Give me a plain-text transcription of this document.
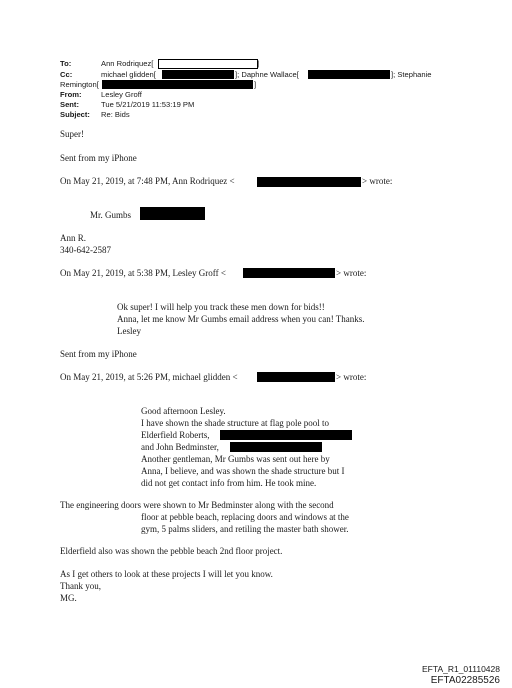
To:	Ann Rodriquez[	]
Cc:	michael glidden[	]; Daphne Wallace[	]; Stephanie
Remington[	]
From:	Lesley Groff
Sent:	Tue 5/21/2019 11:53:19 PM
Subject: Re: Bids
Super!
Sent from my iPhone
On May 21, 2019, at 7:48 PM, Ann Rodriquez <	> wrote:
Mr. Gumbs
Ann R.
340-642-2587
On May 21, 2019, at 5:38 PM, Lesley Groff <	> wrote:
Ok super! I will help you track these men down for bids!!
Anna, let me know Mr Gumbs email address when you can! Thanks.
Lesley
Sent from my iPhone
On May 21, 2019, at 5:26 PM, michael glidden <	> wrote:
Good afternoon Lesley.
I have shown the shade structure at flag pole pool to
Elderfield Roberts,
and John Bedminster,
Another gentleman, Mr Gumbs was sent out here by
Anna, I believe, and was shown the shade structure but I
did not get contact info from him. He took mine.
The engineering doors were shown to Mr Bedminster along with the second
floor at pebble beach, replacing doors and windows at the
gym, 5 palms sliders, and retiling the master bath shower.
Elderfield also was shown the pebble beach 2nd floor project.
As I get others to look at these projects I will let you know.
Thank you,
MG.
EFTA_R1_01110428
EFTA02285526
